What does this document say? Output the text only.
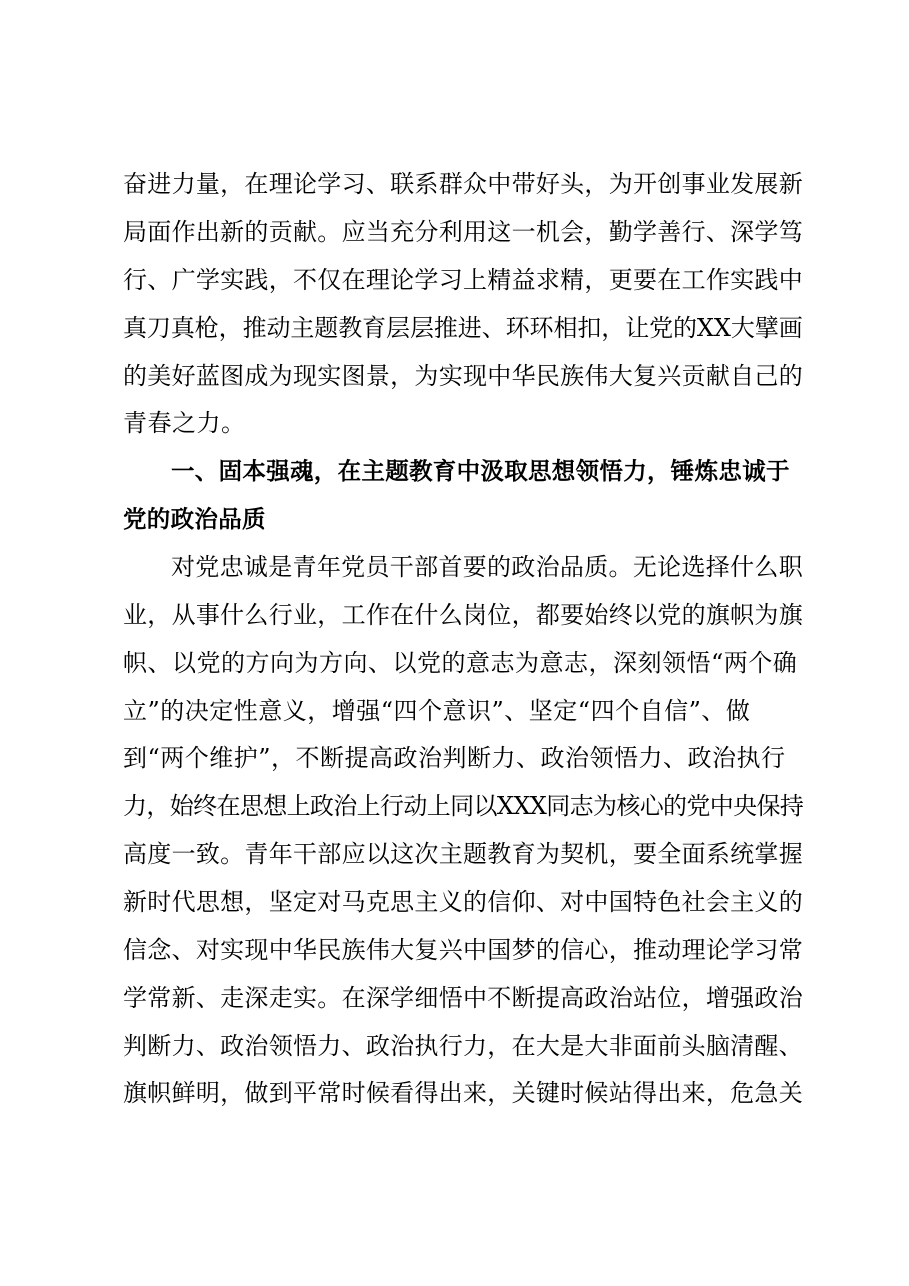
奋进力量，在理论学习、联系群众中带好头，为开创事业发展新
局面作出新的贡献。应当充分利用这一机会，勤学善行、深学笃
行、广学实践，不仅在理论学习上精益求精，更要在工作实践中
真刀真枪，推动主题教育层层推进、环环相扣，让党的XX大擘画
的美好蓝图成为现实图景，为实现中华民族伟大复兴贡献自己的
青春之力。
一、固本强魂，在主题教育中汲取思想领悟力，锤炼忠诚于
党的政治品质
对党忠诚是青年党员干部首要的政治品质。无论选择什么职
业，从事什么行业，工作在什么岗位，都要始终以党的旗帜为旗
帜、以党的方向为方向、以党的意志为意志，深刻领悟“两个确
立”的决定性意义，增强“四个意识”、坚定“四个自信”、做
到“两个维护”，不断提高政治判断力、政治领悟力、政治执行
力，始终在思想上政治上行动上同以XXX同志为核心的党中央保持
高度一致。青年干部应以这次主题教育为契机，要全面系统掌握
新时代思想，坚定对马克思主义的信仰、对中国特色社会主义的
信念、对实现中华民族伟大复兴中国梦的信心，推动理论学习常
学常新、走深走实。在深学细悟中不断提高政治站位，增强政治
判断力、政治领悟力、政治执行力，在大是大非面前头脑清醒、
旗帜鲜明，做到平常时候看得出来，关键时候站得出来，危急关
